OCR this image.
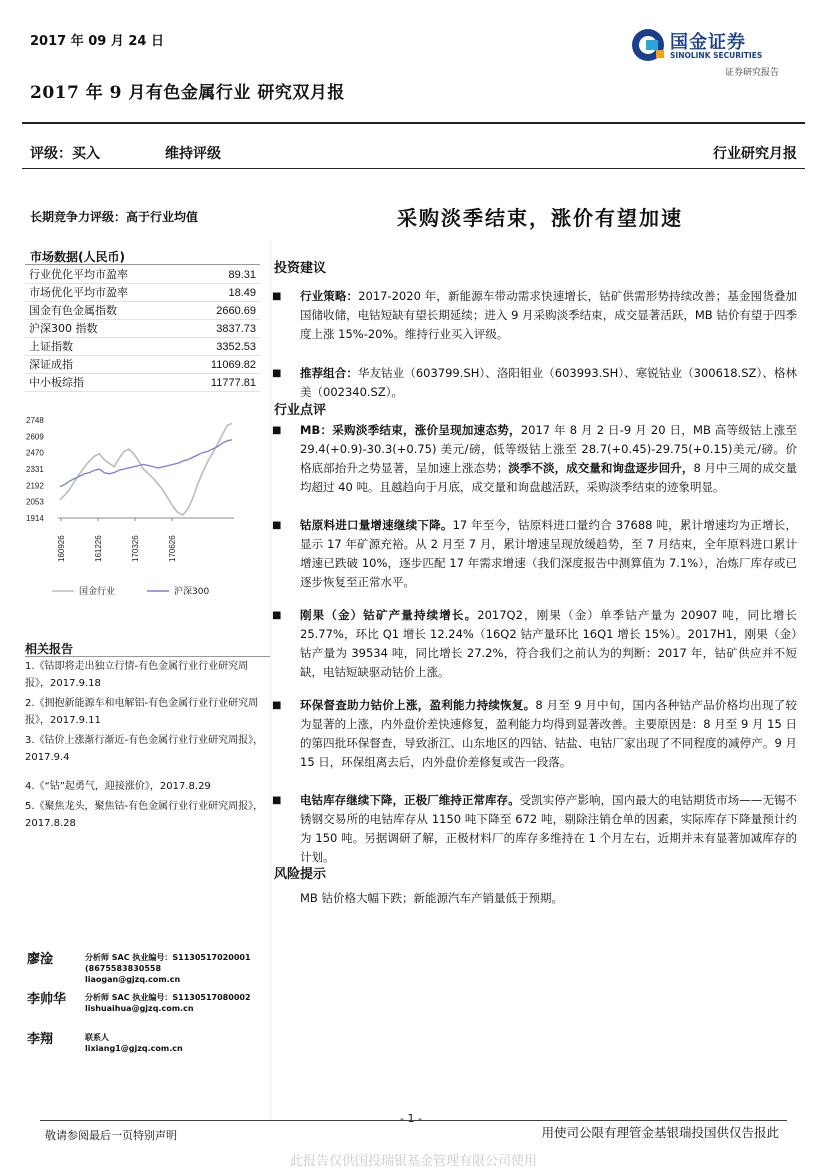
2017 年 09 月 24 日
2017 年 9 月有色金属行业 研究双月报
国金证券
SINOLINK SECURITIES
证券研究报告
评级：买入	维持评级	行业研究月报
长期竞争力评级：高于行业均值
市场数据(人民币)
行业优化平均市盈率	89.31
市场优化平均市盈率	18.49
国金有色金属指数	2660.69
沪深300 指数	3837.73
上证指数	3352.53
深证成指	11069.82
中小板综指	11777.81
2748
2609
2470
2331
2192
2053
1914
160926	161226	170326	170626
国金行业	沪深300
相关报告
1.《钴即将走出独立行情-有色金属行业行业研究周报》，2017.9.18
2.《拥抱新能源车和电解铝-有色金属行业行业研究周报》，2017.9.11
3.《钴价上涨渐行渐近-有色金属行业行业研究周报》，2017.9.4
4.《“钴”起勇气，迎接涨价》，2017.8.29
5.《聚焦龙头，聚焦钴-有色金属行业行业研究周报》，2017.8.28
廖淦	分析师 SAC 执业编号：S1130517020001
(8675583830558
liaogan@gjzq.com.cn
李帅华 分析师 SAC 执业编号：S1130517080002
lishuaihua@gjzq.com.cn
李翔	联系人
lixiang1@gjzq.com.cn
采购淡季结束，涨价有望加速
投资建议
■
行业策略：2017-2020 年，新能源车带动需求快速增长，钴矿供需形势持续改善；基金囤货叠加国储收储，电钴短缺有望长期延续；进入 9 月采购淡季结束，成交显著活跃，MB 钴价有望于四季度上涨 15%-20%。维持行业买入评级。
■
推荐组合：华友钴业（603799.SH）、洛阳钼业（603993.SH）、寒锐钴业（300618.SZ）、格林美（002340.SZ）。
行业点评
■
MB：采购淡季结束，涨价呈现加速态势，2017 年 8 月 2 日-9 月 20 日，MB 高等级钴上涨至 29.4(+0.9)-30.3(+0.75) 美元/磅，低等级钴上涨至 28.7(+0.45)-29.75(+0.15)美元/磅。价格底部抬升之势显著，呈加速上涨态势；淡季不淡，成交量和询盘逐步回升，8 月中三周的成交量均超过 40 吨。且越趋向于月底，成交量和询盘越活跃，采购淡季结束的迹象明显。
■
钴原料进口量增速继续下降。17 年至今，钴原料进口量约合 37688 吨，累计增速均为正增长，显示 17 年矿源充裕。从 2 月至 7 月，累计增速呈现放缓趋势，至 7 月结束，全年原料进口累计增速已跌破 10%，逐步匹配 17 年需求增速（我们深度报告中测算值为 7.1%），冶炼厂库存或已逐步恢复至正常水平。
■
刚果（金）钴矿产量持续增长。2017Q2，刚果（金）单季钴产量为 20907 吨，同比增长 25.77%，环比 Q1 增长 12.24%（16Q2 钴产量环比 16Q1 增长 15%）。2017H1，刚果（金）钴产量为 39534 吨，同比增长 27.2%，符合我们之前认为的判断：2017 年，钴矿供应并不短缺，电钴短缺驱动钴价上涨。
■
环保督查助力钴价上涨，盈利能力持续恢复。8 月至 9 月中旬，国内各种钴产品价格均出现了较为显著的上涨，内外盘价差快速修复，盈利能力均得到显著改善。主要原因是：8 月至 9 月 15 日的第四批环保督查，导致浙江、山东地区的四钴、钴盐、电钴厂家出现了不同程度的减停产。9 月 15 日，环保组离去后，内外盘价差修复或告一段落。
■
电钴库存继续下降，正极厂维持正常库存。受凯实停产影响，国内最大的电钴期货市场——无锡不锈钢交易所的电钴库存从 1150 吨下降至 672 吨，剔除注销仓单的因素，实际库存下降量预计约为 150 吨。另据调研了解，正极材料厂的库存多维持在 1 个月左右，近期并未有显著加减库存的计划。
风险提示
MB 钴价格大幅下跌；新能源汽车产销量低于预期。
- 1 -
敬请参阅最后一页特别声明	用使司公限有理管金基银瑞投国供仅告报此
此报告仅供国投瑞银基金管理有限公司使用
